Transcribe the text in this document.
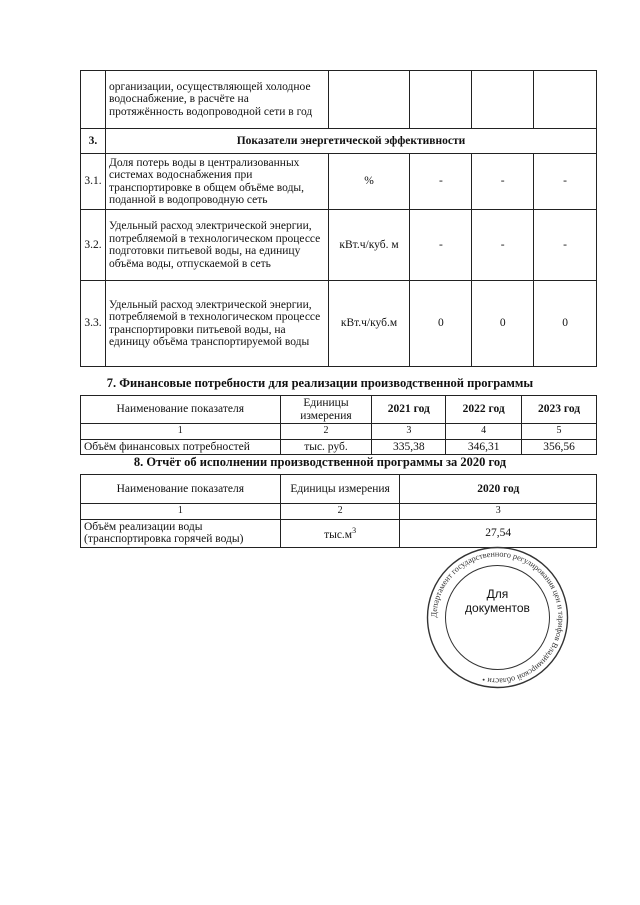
	организации, осуществляющей холодное водоснабжение, в расчёте на протяжённость водопроводной сети в год				
3.	Показатели энергетической эффективности				
3.1.	Доля потерь воды в централизованных системах водоснабжения при транспортировке в общем объёме воды, поданной в водопроводную сеть	%	-	-	-
3.2.	Удельный расход электрической энергии, потребляемой в технологическом процессе подготовки питьевой воды, на единицу объёма воды, отпускаемой в сеть	кВт.ч/куб. м	-	-	-
3.3.	Удельный расход электрической энергии, потребляемой в технологическом процессе транспортировки питьевой воды, на единицу объёма транспортируемой воды	кВт.ч/куб.м	0	0	0
7. Финансовые потребности для реализации производственной программы
Наименование показателя	Единицы измерения	2021 год	2022 год	2023 год
1	2	3	4	5
Объём финансовых потребностей	тыс. руб.	335,38	346,31	356,56
8. Отчёт об исполнении производственной программы за 2020 год
Наименование показателя	Единицы измерения	2020 год
1	2	3
Объём реализации воды (транспортировка горячей воды)	$тыс.м^3$	27,54
Департамент государственного регулирования цен и тарифов Владимирской области •
Для
документов
